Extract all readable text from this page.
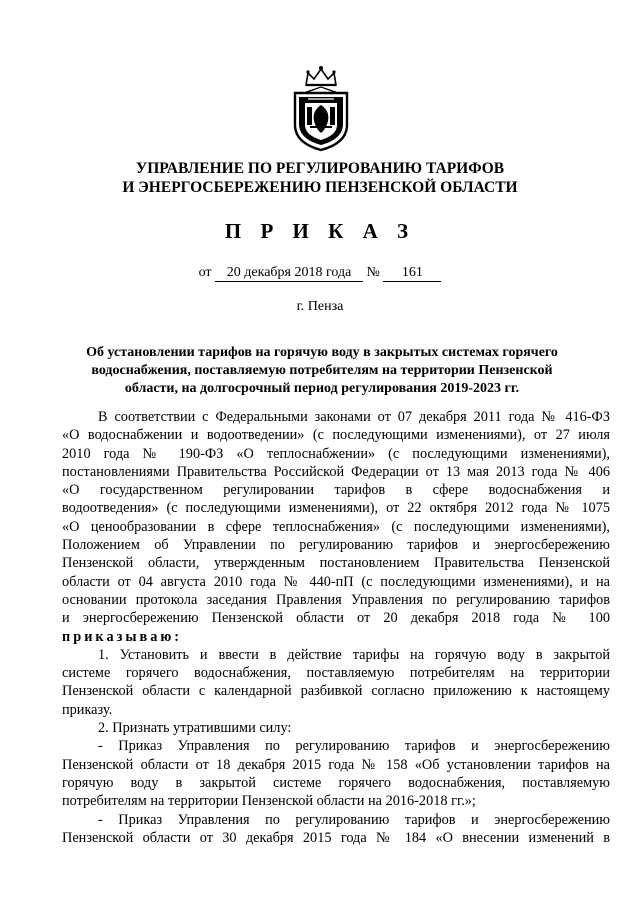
УПРАВЛЕНИЕ ПО РЕГУЛИРОВАНИЮ ТАРИФОВ
И ЭНЕРГОСБЕРЕЖЕНИЮ ПЕНЗЕНСКОЙ ОБЛАСТИ
П Р И К А З
от 20 декабря 2018 года № 161
г. Пенза
Об установлении тарифов на горячую воду в закрытых системах горячего
водоснабжения, поставляемую потребителям на территории Пензенской
области, на долгосрочный период регулирования 2019-2023 гг.
В соответствии с Федеральными законами от 07 декабря 2011 года № 416-ФЗ
«О водоснабжении и водоотведении» (с последующими изменениями), от 27 июля
2010 года № 190-ФЗ «О теплоснабжении» (с последующими изменениями),
постановлениями Правительства Российской Федерации от 13 мая 2013 года № 406
«О государственном регулировании тарифов в сфере водоснабжения и
водоотведения» (с последующими изменениями), от 22 октября 2012 года № 1075
«О ценообразовании в сфере теплоснабжения» (с последующими изменениями),
Положением об Управлении по регулированию тарифов и энергосбережению
Пензенской области, утвержденным постановлением Правительства Пензенской
области от 04 августа 2010 года № 440-пП (с последующими изменениями), и на
основании протокола заседания Правления Управления по регулированию тарифов
и энергосбережению Пензенской области от 20 декабря 2018 года № 100
приказываю:
1. Установить и ввести в действие тарифы на горячую воду в закрытой
системе горячего водоснабжения, поставляемую потребителям на территории
Пензенской области с календарной разбивкой согласно приложению к настоящему
приказу.
2. Признать утратившими силу:
- Приказ Управления по регулированию тарифов и энергосбережению
Пензенской области от 18 декабря 2015 года № 158 «Об установлении тарифов на
горячую воду в закрытой системе горячего водоснабжения, поставляемую
потребителям на территории Пензенской области на 2016-2018 гг.»;
- Приказ Управления по регулированию тарифов и энергосбережению
Пензенской области от 30 декабря 2015 года № 184 «О внесении изменений в
